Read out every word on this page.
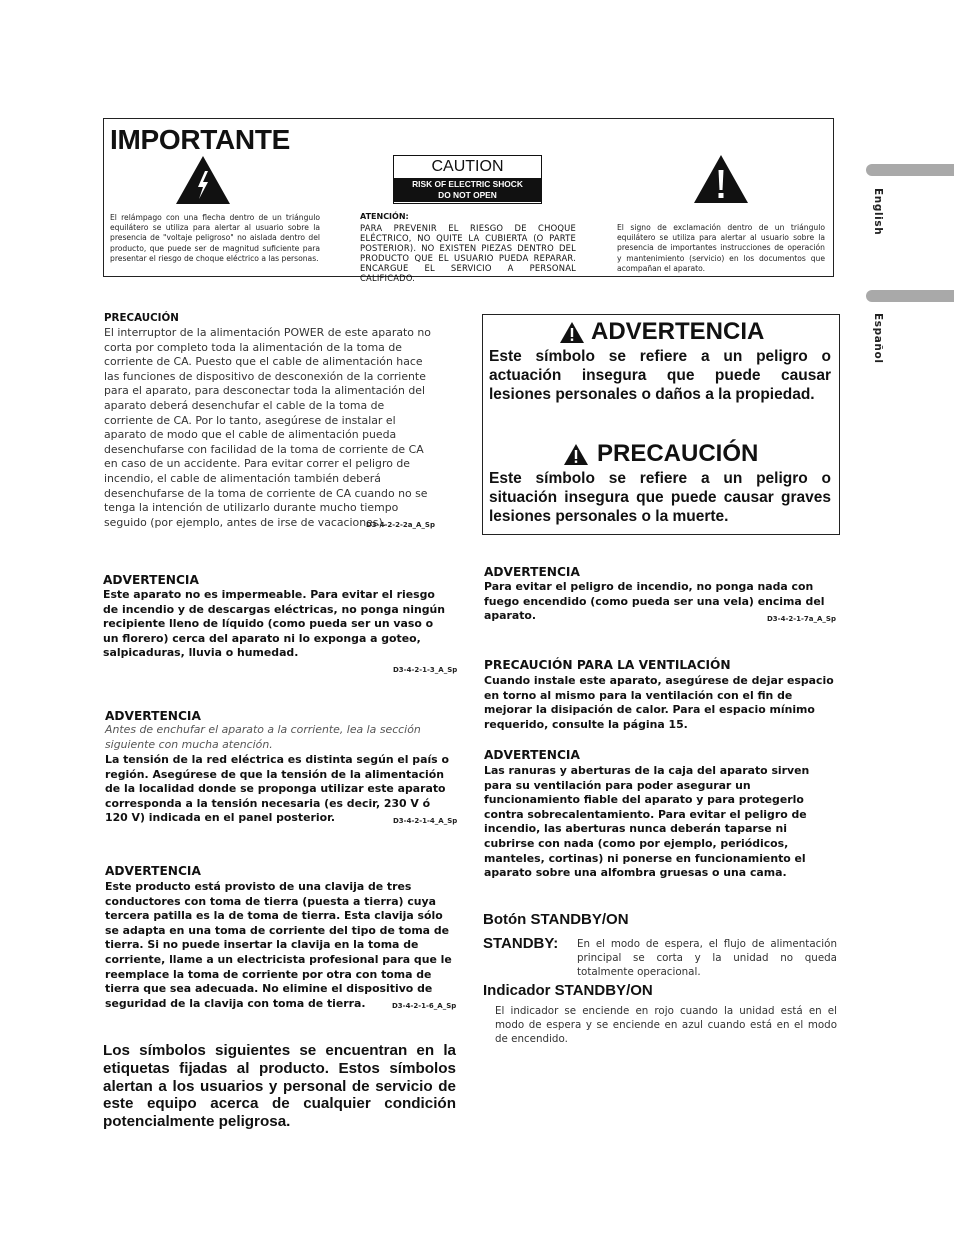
English
Español
IMPORTANTE
El relámpago con una flecha dentro de un triángulo equilátero se utiliza para alertar al usuario sobre la presencia de "voltaje peligroso" no aislada dentro del producto, que puede ser de magnitud suficiente para presentar el riesgo de choque eléctrico a las personas.
CAUTION
RISK OF ELECTRIC SHOCK
DO NOT OPEN
ATENCIÓN:
PARA PREVENIR EL RIESGO DE CHOQUE ELÉCTRICO, NO QUITE LA CUBIERTA (O PARTE POSTERIOR). NO EXISTEN PIEZAS DENTRO DEL PRODUCTO QUE EL USUARIO PUEDA REPARAR. ENCARGUE EL SERVICIO A PERSONAL CALIFICADO.
El signo de exclamación dentro de un triángulo equilátero se utiliza para alertar al usuario sobre la presencia de importantes instrucciones de operación y mantenimiento (servicio) en los documentos que acompañan el aparato.
PRECAUCIÓN
El interruptor de la alimentación POWER de este aparato no corta por completo toda la alimentación de la toma de corriente de CA. Puesto que el cable de alimentación hace las funciones de dispositivo de desconexión de la corriente para el aparato, para desconectar toda la alimentación del aparato deberá desenchufar el cable de la toma de corriente de CA. Por lo tanto, asegúrese de instalar el aparato de modo que el cable de alimentación pueda desenchufarse con facilidad de la toma de corriente de CA en caso de un accidente. Para evitar correr el peligro de incendio, el cable de alimentación también deberá desenchufarse de la toma de corriente de CA cuando no se tenga la intención de utilizarlo durante mucho tiempo seguido (por ejemplo, antes de irse de vacaciones).
D3-4-2-2-2a_A_Sp
ADVERTENCIA
Este símbolo se refiere a un peligro o actuación insegura que puede causar lesiones personales o daños a la propiedad.
PRECAUCIÓN
Este símbolo se refiere a un peligro o situación insegura que puede causar graves lesiones personales o la muerte.
ADVERTENCIA
Este aparato no es impermeable. Para evitar el riesgo de incendio y de descargas eléctricas, no ponga ningún recipiente lleno de líquido (como pueda ser un vaso o un florero) cerca del aparato ni lo exponga a goteo, salpicaduras, lluvia o humedad.
D3-4-2-1-3_A_Sp
ADVERTENCIA
Antes de enchufar el aparato a la corriente, lea la sección siguiente con mucha atención.
La tensión de la red eléctrica es distinta según el país o región. Asegúrese de que la tensión de la alimentación de la localidad donde se proponga utilizar este aparato corresponda a la tensión necesaria (es decir, 230 V ó 120 V) indicada en el panel posterior.	D3-4-2-1-4_A_Sp
ADVERTENCIA
Este producto está provisto de una clavija de tres conductores con toma de tierra (puesta a tierra) cuya tercera patilla es la de toma de tierra. Esta clavija sólo se adapta en una toma de corriente del tipo de toma de tierra. Si no puede insertar la clavija en la toma de corriente, llame a un electricista profesional para que le reemplace la toma de corriente por otra con toma de tierra que sea adecuada. No elimine el dispositivo de seguridad de la clavija con toma de tierra.	D3-4-2-1-6_A_Sp
Los símbolos siguientes se encuentran en la etiquetas fijadas al producto. Estos símbolos alertan a los usuarios y personal de servicio de este equipo acerca de cualquier condición potencialmente peligrosa.
ADVERTENCIA
Para evitar el peligro de incendio, no ponga nada con fuego encendido (como pueda ser una vela) encima del aparato.	D3-4-2-1-7a_A_Sp
PRECAUCIÓN PARA LA VENTILACIÓN
Cuando instale este aparato, asegúrese de dejar espacio en torno al mismo para la ventilación con el fin de mejorar la disipación de calor. Para el espacio mínimo requerido, consulte la página 15.
ADVERTENCIA
Las ranuras y aberturas de la caja del aparato sirven para su ventilación para poder asegurar un funcionamiento fiable del aparato y para protegerlo contra sobrecalentamiento. Para evitar el peligro de incendio, las aberturas nunca deberán taparse ni cubrirse con nada (como por ejemplo, periódicos, manteles, cortinas) ni ponerse en funcionamiento el aparato sobre una alfombra gruesas o una cama.
Botón STANDBY/ON
STANDBY: En el modo de espera, el flujo de alimentación principal se corta y la unidad no queda totalmente operacional.
Indicador STANDBY/ON
El indicador se enciende en rojo cuando la unidad está en el modo de espera y se enciende en azul cuando está en el modo de encendido.
